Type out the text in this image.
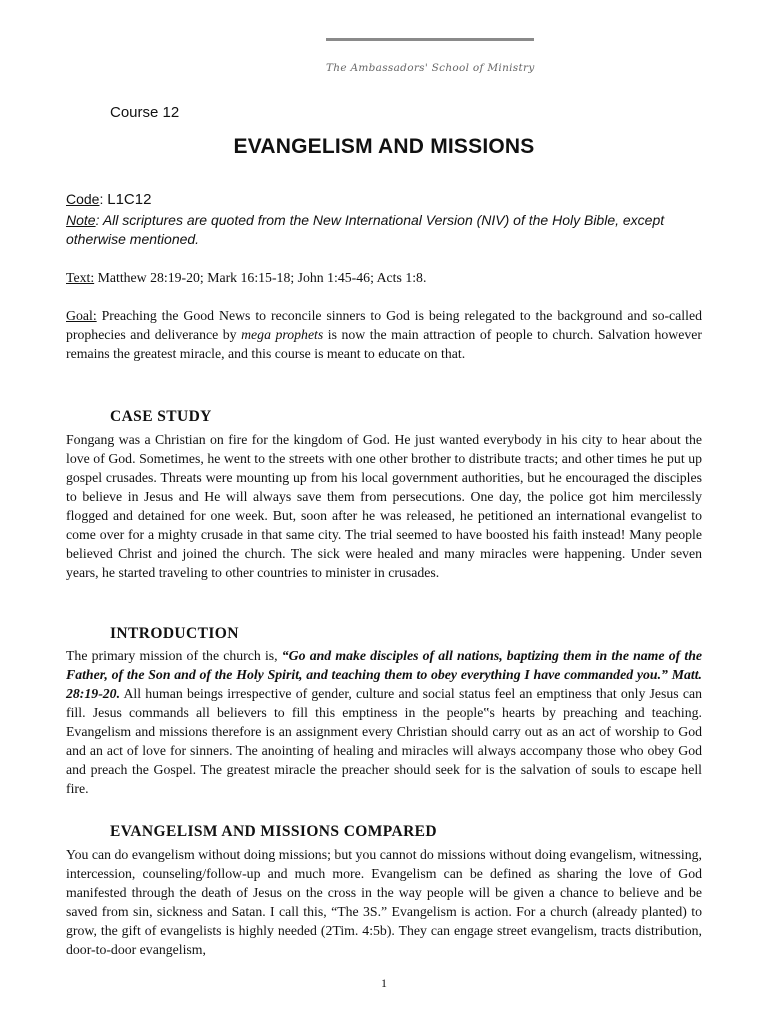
The Ambassadors' School of Ministry
Course 12
EVANGELISM AND MISSIONS
Code: L1C12
Note: All scriptures are quoted from the New International Version (NIV) of the Holy Bible, except otherwise mentioned.
Text: Matthew 28:19-20; Mark 16:15-18; John 1:45-46; Acts 1:8.
Goal: Preaching the Good News to reconcile sinners to God is being relegated to the background and so-called prophecies and deliverance by mega prophets is now the main attraction of people to church. Salvation however remains the greatest miracle, and this course is meant to educate on that.
CASE STUDY
Fongang was a Christian on fire for the kingdom of God. He just wanted everybody in his city to hear about the love of God. Sometimes, he went to the streets with one other brother to distribute tracts; and other times he put up gospel crusades. Threats were mounting up from his local government authorities, but he encouraged the disciples to believe in Jesus and He will always save them from persecutions. One day, the police got him mercilessly flogged and detained for one week. But, soon after he was released, he petitioned an international evangelist to come over for a mighty crusade in that same city. The trial seemed to have boosted his faith instead! Many people believed Christ and joined the church. The sick were healed and many miracles were happening. Under seven years, he started traveling to other countries to minister in crusades.
INTRODUCTION
The primary mission of the church is, “Go and make disciples of all nations, baptizing them in the name of the Father, of the Son and of the Holy Spirit, and teaching them to obey everything I have commanded you.” Matt. 28:19-20. All human beings irrespective of gender, culture and social status feel an emptiness that only Jesus can fill. Jesus commands all believers to fill this emptiness in the people‟s hearts by preaching and teaching. Evangelism and missions therefore is an assignment every Christian should carry out as an act of worship to God and an act of love for sinners. The anointing of healing and miracles will always accompany those who obey God and preach the Gospel. The greatest miracle the preacher should seek for is the salvation of souls to escape hell fire.
EVANGELISM AND MISSIONS COMPARED
You can do evangelism without doing missions; but you cannot do missions without doing evangelism, witnessing, intercession, counseling/follow-up and much more. Evangelism can be defined as sharing the love of God manifested through the death of Jesus on the cross in the way people will be given a chance to believe and be saved from sin, sickness and Satan. I call this, “The 3S.” Evangelism is action. For a church (already planted) to grow, the gift of evangelists is highly needed (2Tim. 4:5b). They can engage street evangelism, tracts distribution, door-to-door evangelism,
1
